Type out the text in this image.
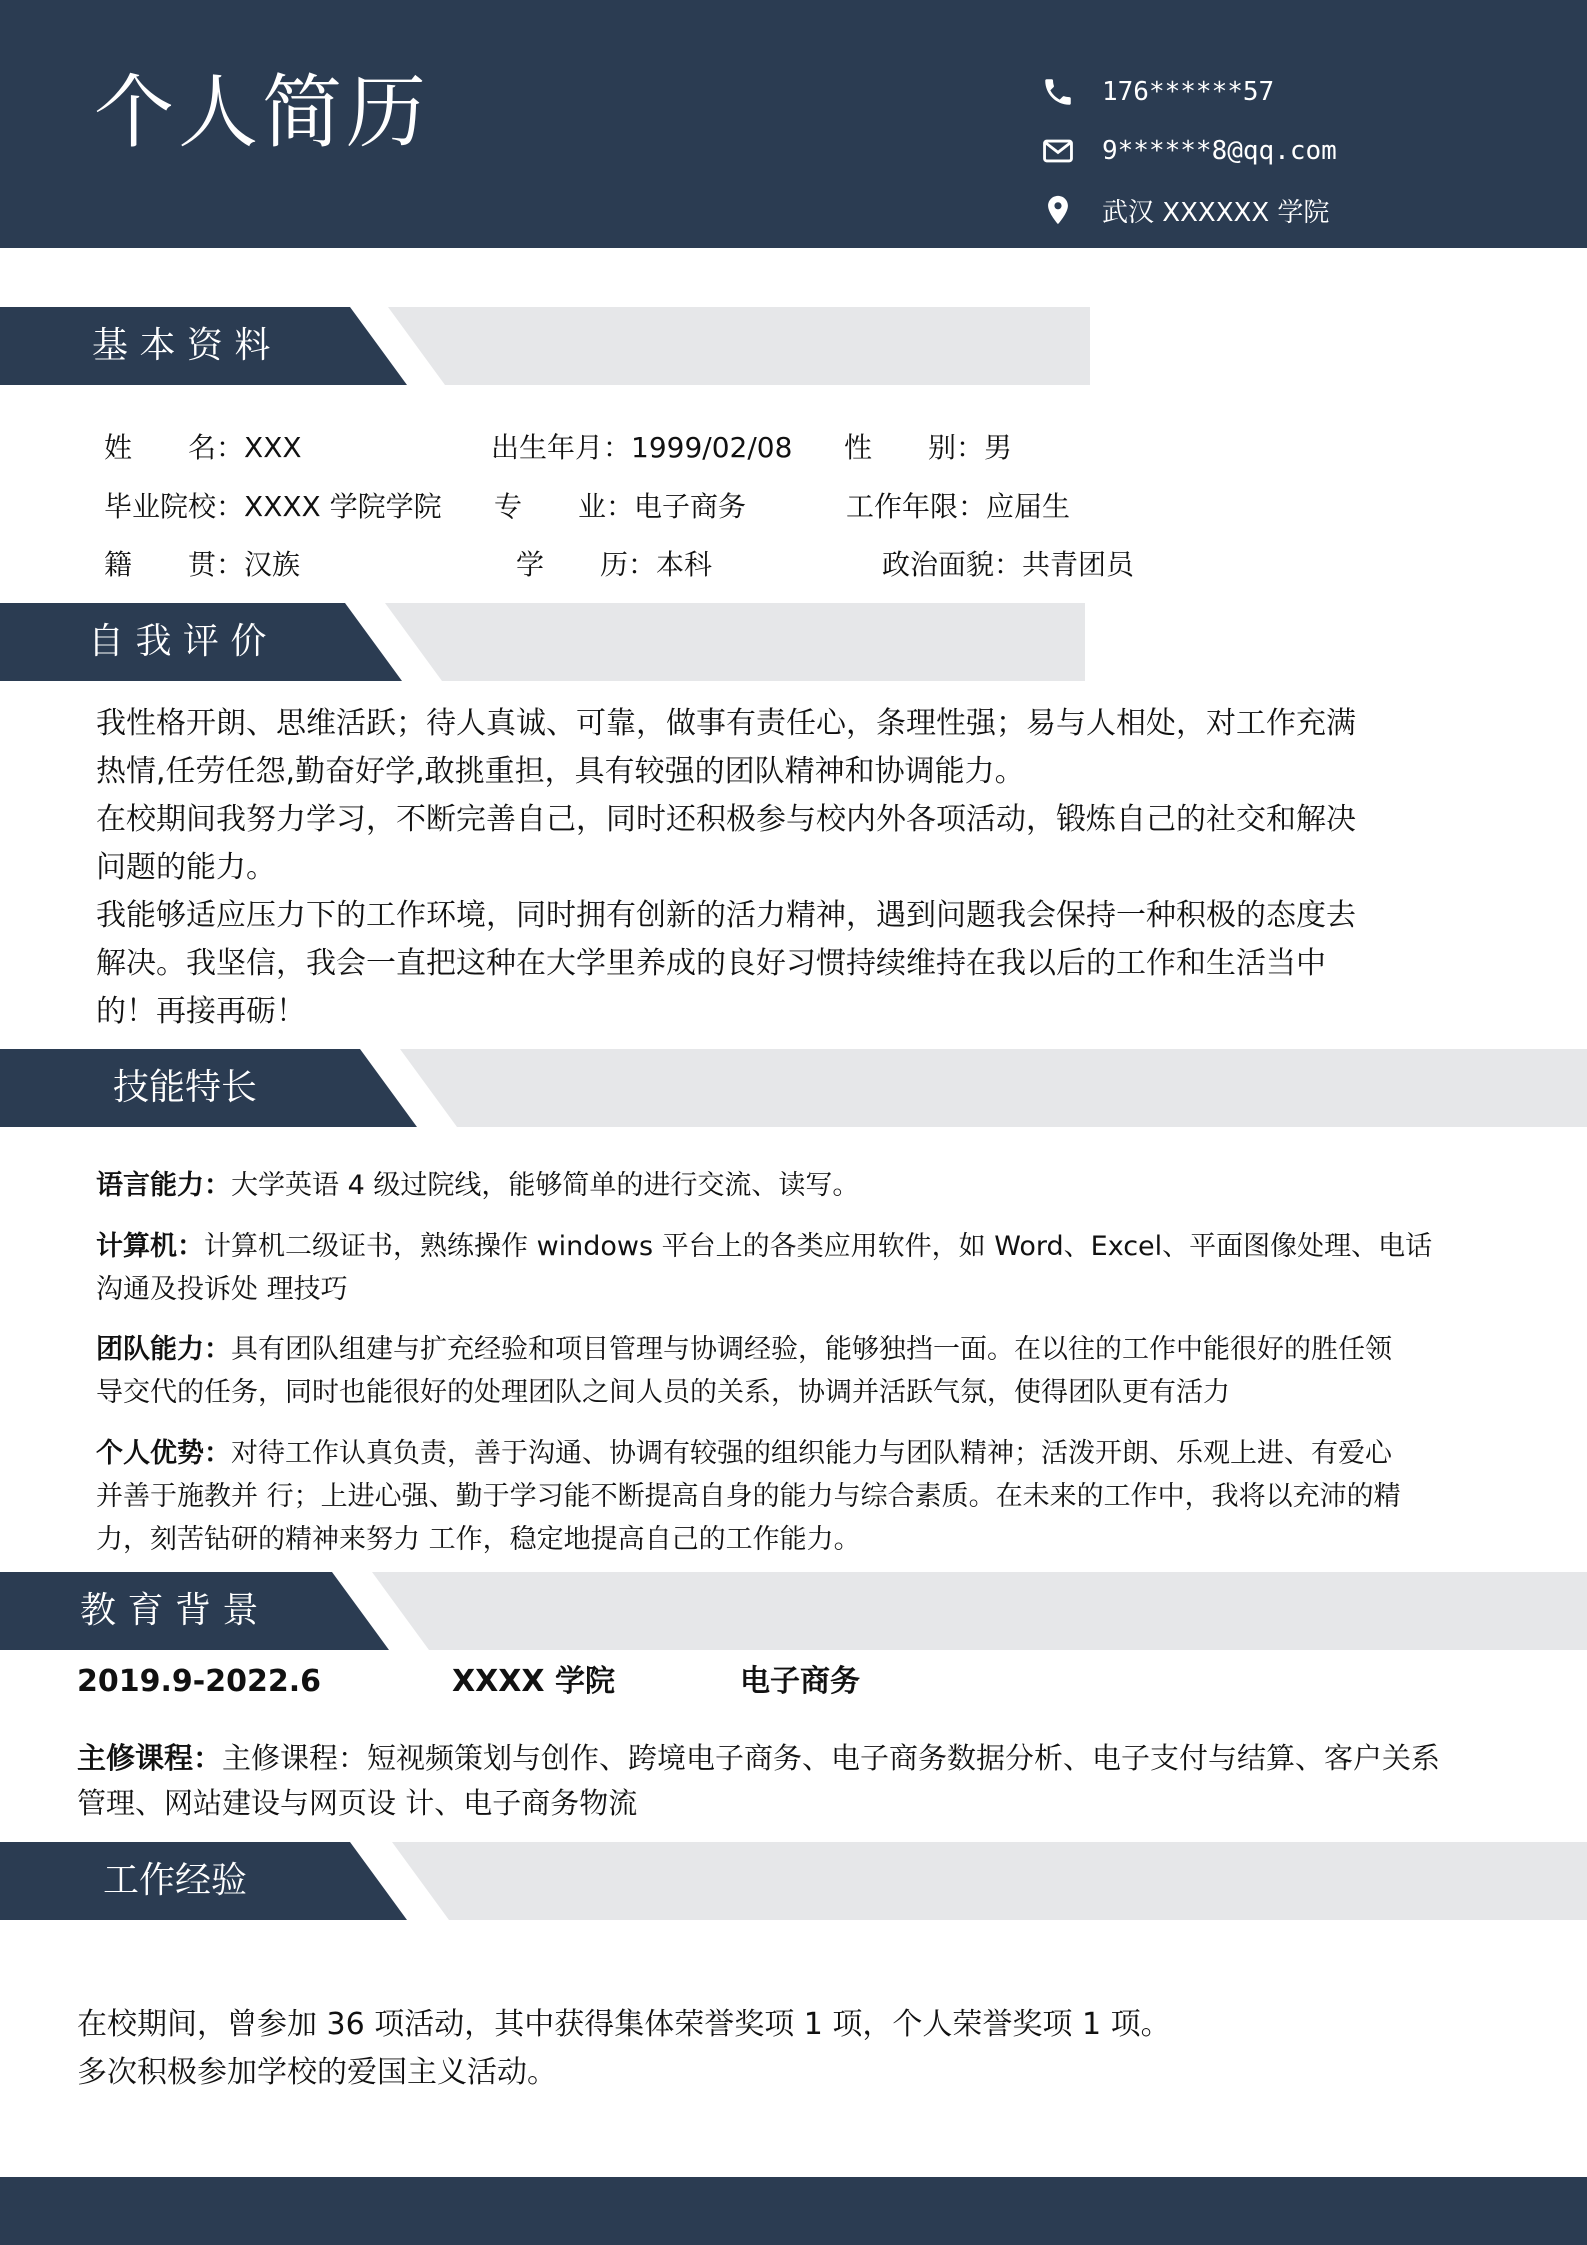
个人简历	176******57
9******8@qq.com
武汉 XXXXXX 学院
基 本 资 料
姓　　名：XXX	出生年月：1999/02/08 性　　别：男
毕业院校：XXXX 学院学院 专　　业：电子商务	工作年限：应届生
籍　　贯：汉族	学　　历：本科	政治面貌：共青团员
自 我 评 价

我性格开朗、思维活跃；待人真诚、可靠，做事有责任心，条理性强；易与人相处，对工作充满

热情,任劳任怨,勤奋好学,敢挑重担，具有较强的团队精神和协调能力。

在校期间我努力学习，不断完善自己，同时还积极参与校内外各项活动，锻炼自己的社交和解决

问题的能力。

我能够适应压力下的工作环境，同时拥有创新的活力精神，遇到问题我会保持一种积极的态度去

解决。我坚信，我会一直把这种在大学里养成的良好习惯持续维持在我以后的工作和生活当中

的！再接再砺！

技能特长
语言能力：大学英语 4 级过院线，能够简单的进行交流、读写。
计算机：计算机二级证书，熟练操作 windows 平台上的各类应用软件，如 Word、Excel、平面图像处理、电话
沟通及投诉处 理技巧
团队能力：具有团队组建与扩充经验和项目管理与协调经验，能够独挡一面。在以往的工作中能很好的胜任领
导交代的任务，同时也能很好的处理团队之间人员的关系，协调并活跃气氛，使得团队更有活力
个人优势：对待工作认真负责，善于沟通、协调有较强的组织能力与团队精神；活泼开朗、乐观上进、有爱心
并善于施教并 行；上进心强、勤于学习能不断提高自身的能力与综合素质。在未来的工作中，我将以充沛的精
力，刻苦钻研的精神来努力 工作，稳定地提高自己的工作能力。
教 育 背 景
2019.9-2022.6	XXXX 学院	电子商务
主修课程：主修课程：短视频策划与创作、跨境电子商务、电子商务数据分析、电子支付与结算、客户关系
管理、网站建设与网页设 计、电子商务物流
工作经验

在校期间，曾参加 36 项活动，其中获得集体荣誉奖项 1 项，个人荣誉奖项 1 项。

多次积极参加学校的爱国主义活动。
